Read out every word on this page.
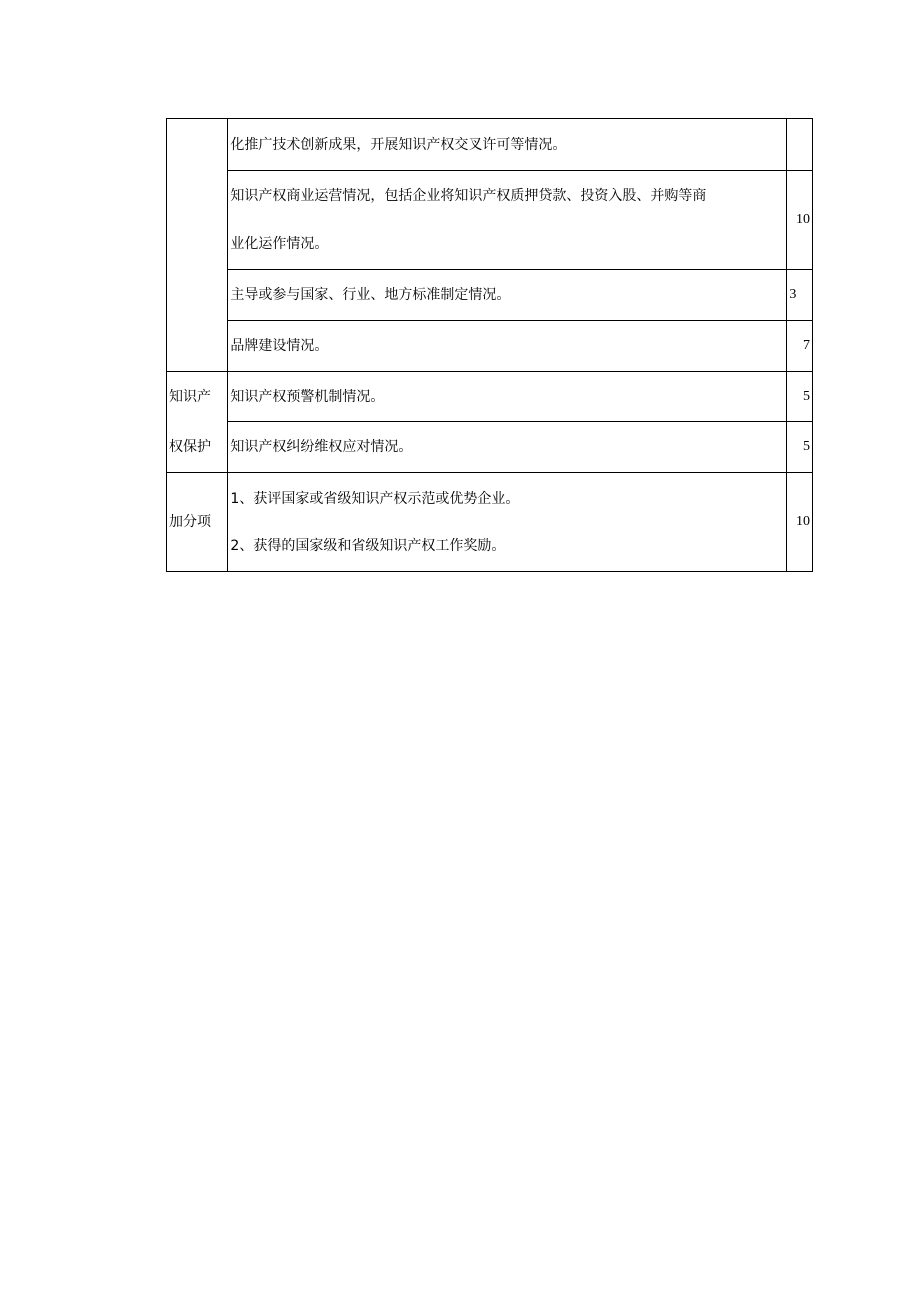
	化推广技术创新成果，开展知识产权交叉许可等情况。	

	知识产权商业运营情况，包括企业将知识产权质押贷款、投资入股、并购等商
业化运作情况。	10
	主导或参与国家、行业、地方标准制定情况。	3
	品牌建设情况。	7

知识产
权保护	知识产权预警机制情况。	5
	知识产权纠纷维权应对情况。	5
加分项	1、获评国家或省级知识产权示范或优势企业。
2、获得的国家级和省级知识产权工作奖励。	10
